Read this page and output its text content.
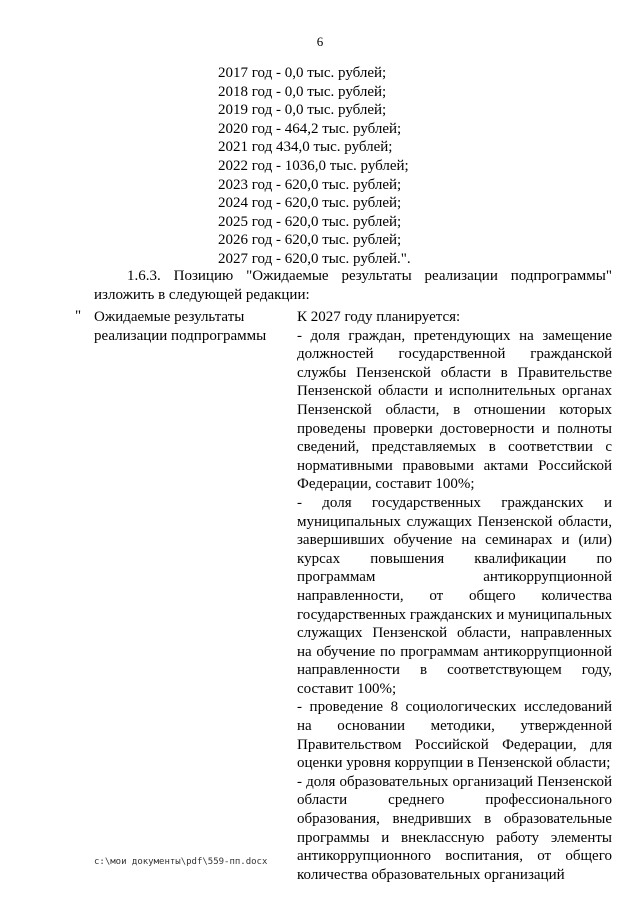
6
2017 год - 0,0 тыс. рублей;
2018 год - 0,0 тыс. рублей;
2019 год - 0,0 тыс. рублей;
2020 год - 464,2 тыс. рублей;
2021 год 434,0 тыс. рублей;
2022 год - 1036,0 тыс. рублей;
2023 год - 620,0 тыс. рублей;
2024 год - 620,0 тыс. рублей;
2025 год - 620,0 тыс. рублей;
2026 год - 620,0 тыс. рублей;
2027 год - 620,0 тыс. рублей.".
1.6.3. Позицию "Ожидаемые результаты реализации подпрограммы" изложить в следующей редакции:
" Ожидаемые результаты реализации подпрограммы

К 2027 году планируется:

- доля граждан, претендующих на замещение должностей государственной гражданской службы Пензенской области в Правительстве Пензенской области и исполнительных органах Пензенской области, в отношении которых проведены проверки достоверности и полноты сведений, представляемых в соответствии с нормативными правовыми актами Российской Федерации, составит 100%;

- доля государственных гражданских и муниципальных служащих Пензенской области, завершивших обучение на семинарах и (или) курсах повышения квалификации по программам антикоррупционной направленности, от общего количества государственных гражданских и муниципальных служащих Пензенской области, направленных на обучение по программам антикоррупционной направленности в соответствующем году, составит 100%;

- проведение 8 социологических исследований на основании методики, утвержденной Правительством Российской Федерации, для оценки уровня коррупции в Пензенской области;

- доля образовательных организаций Пензенской области среднего профессионального образования, внедривших в образовательные программы и внеклассную работу элементы антикоррупционного воспитания, от общего количества образовательных организаций

c:\мои документы\pdf\559-пп.docx
